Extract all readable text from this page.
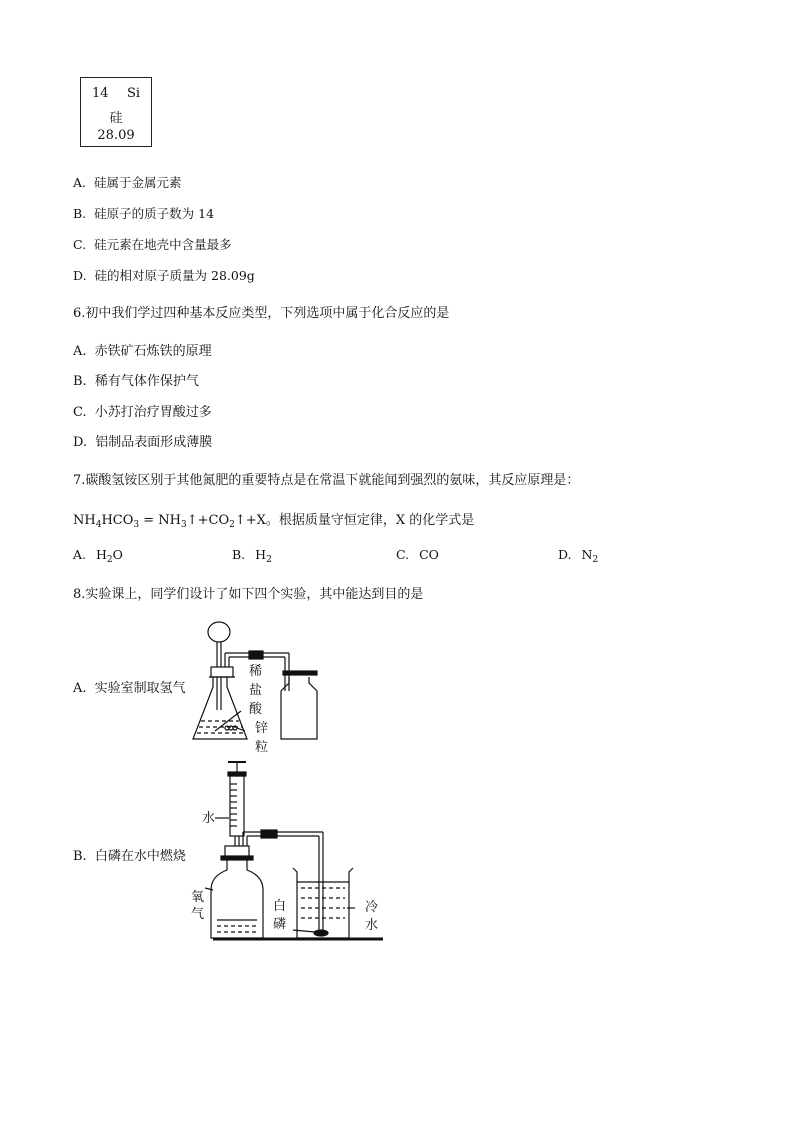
14 Si
硅
28.09
A. 硅属于金属元素
B. 硅原子的质子数为 14
C. 硅元素在地壳中含量最多
D. 硅的相对原子质量为 28.09g
6.初中我们学过四种基本反应类型，下列选项中属于化合反应的是
A. 赤铁矿石炼铁的原理
B. 稀有气体作保护气
C. 小苏打治疗胃酸过多
D. 铝制品表面形成薄膜
7.碳酸氢铵区别于其他氮肥的重要特点是在常温下就能闻到强烈的氨味，其反应原理是：
$NH_4HCO_3$ = $NH_3↑+CO_2↑+X$。根据质量守恒定律，X 的化学式是
A. $H_2O$	B. $H_2$	C. CO	D. $N_2$
8.实验课上，同学们设计了如下四个实验，其中能达到目的是
A. 实验室制取氢气
稀
盐
酸
锌
粒
B. 白磷在水中燃烧
水
氧
气
白
磷
冷
水
